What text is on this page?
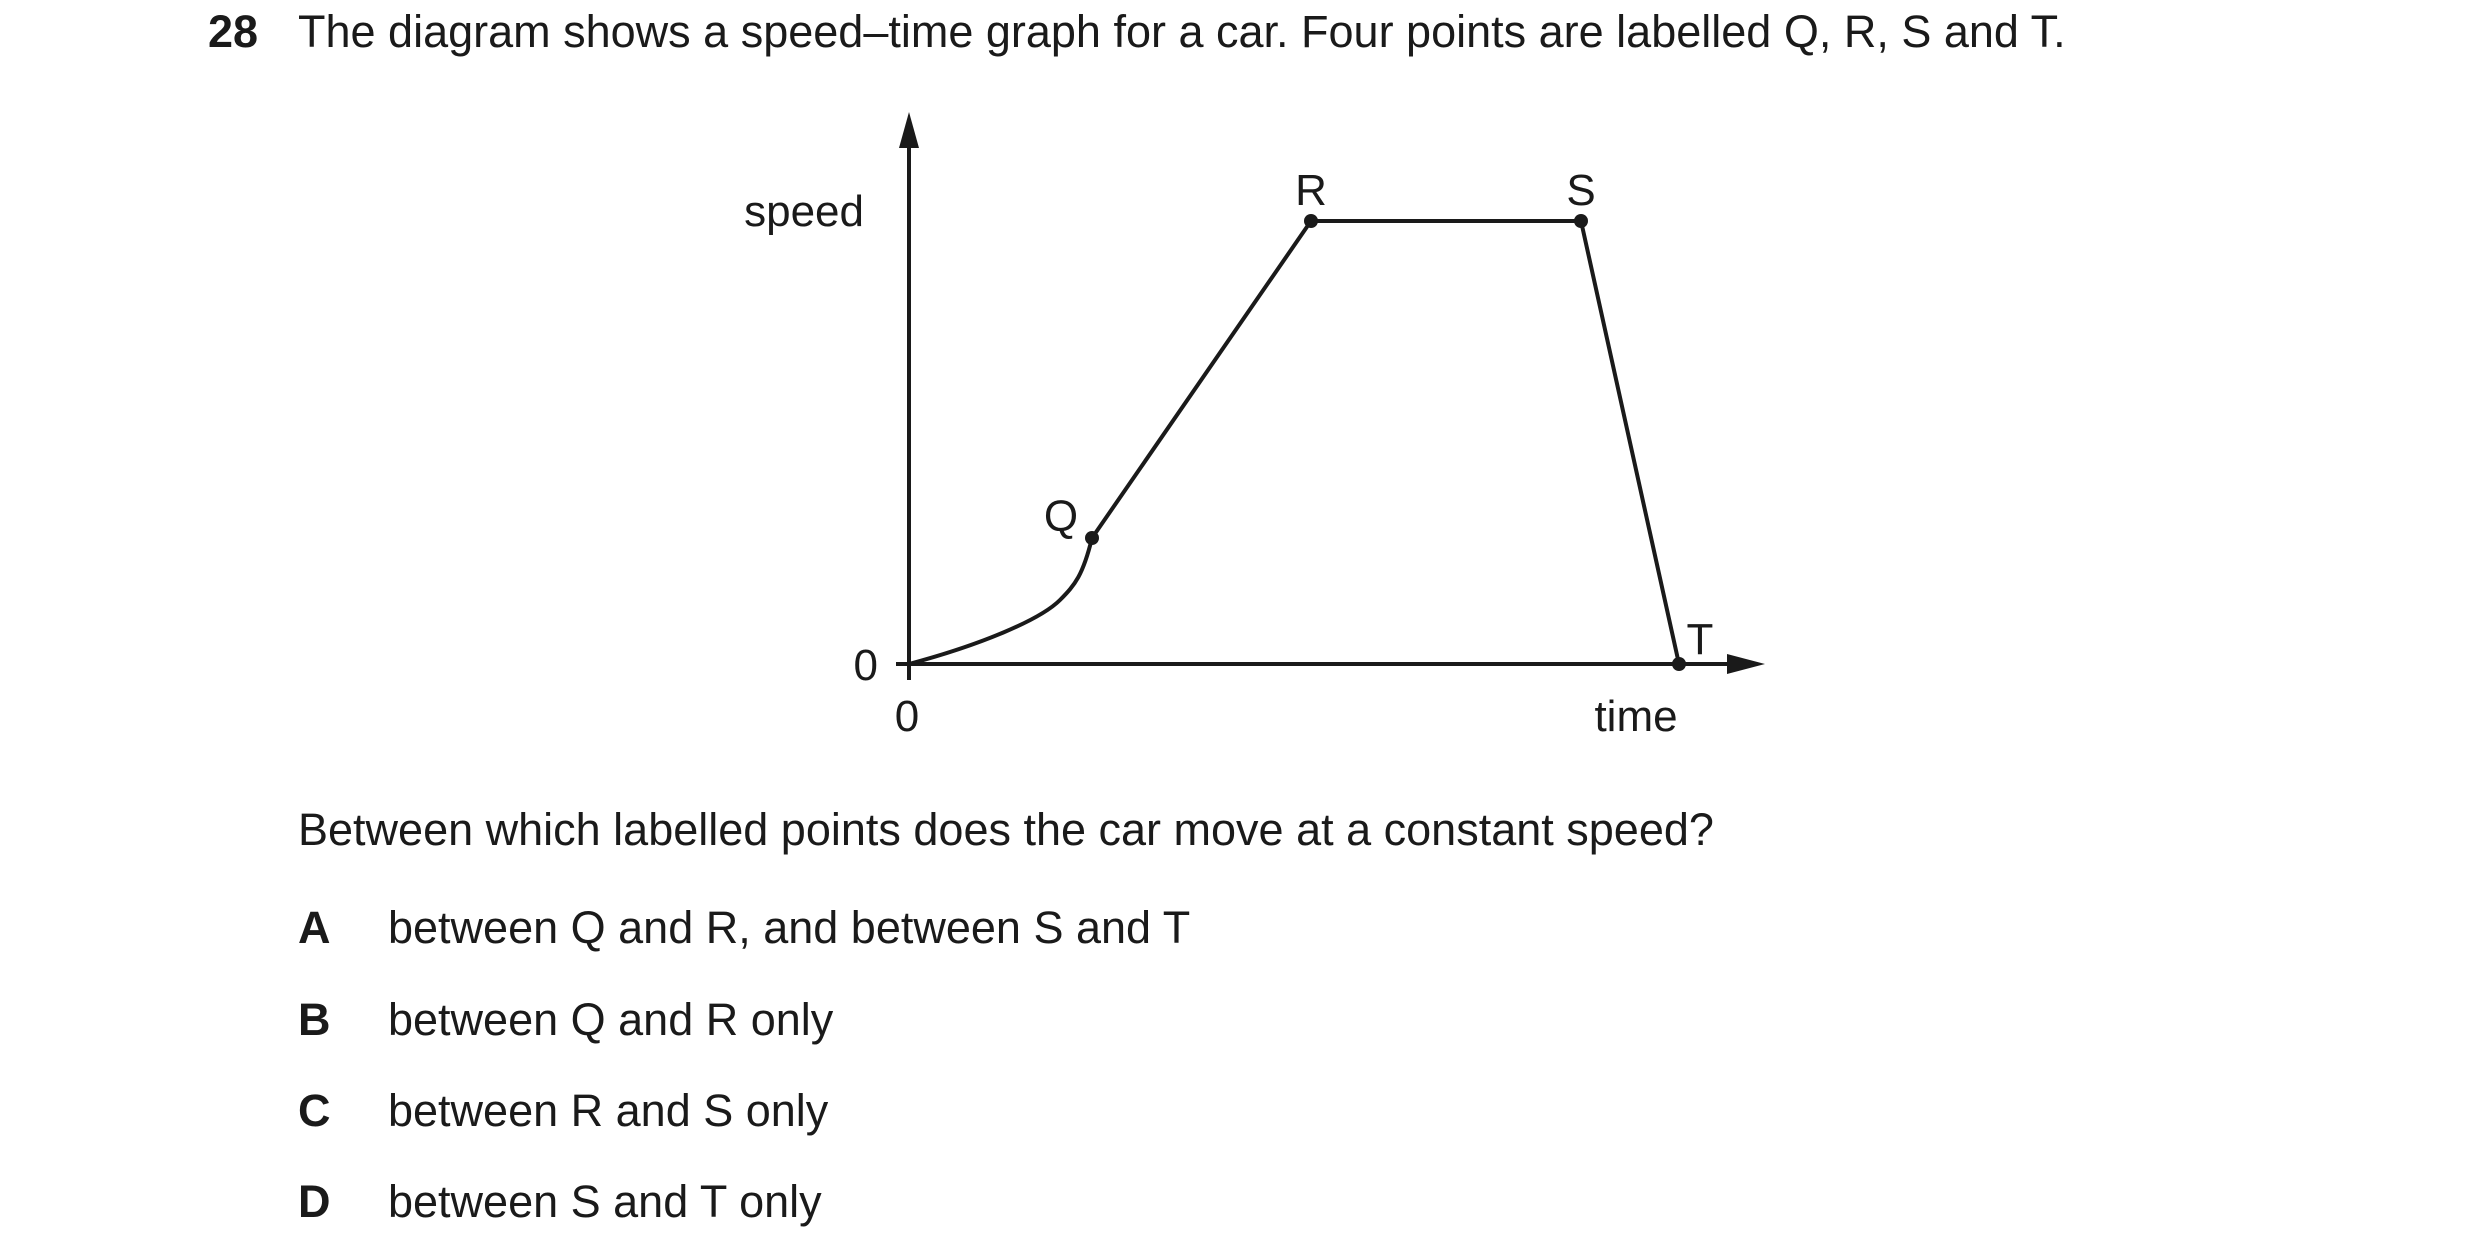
28 The diagram shows a speed–time graph for a car. Four points are labelled Q, R, S and T.
Q
R	S
T
speed
time
0
0
Between which labelled points does the car move at a constant speed?
A between Q and R, and between S and T
B between Q and R only
C between R and S only
D between S and T only
